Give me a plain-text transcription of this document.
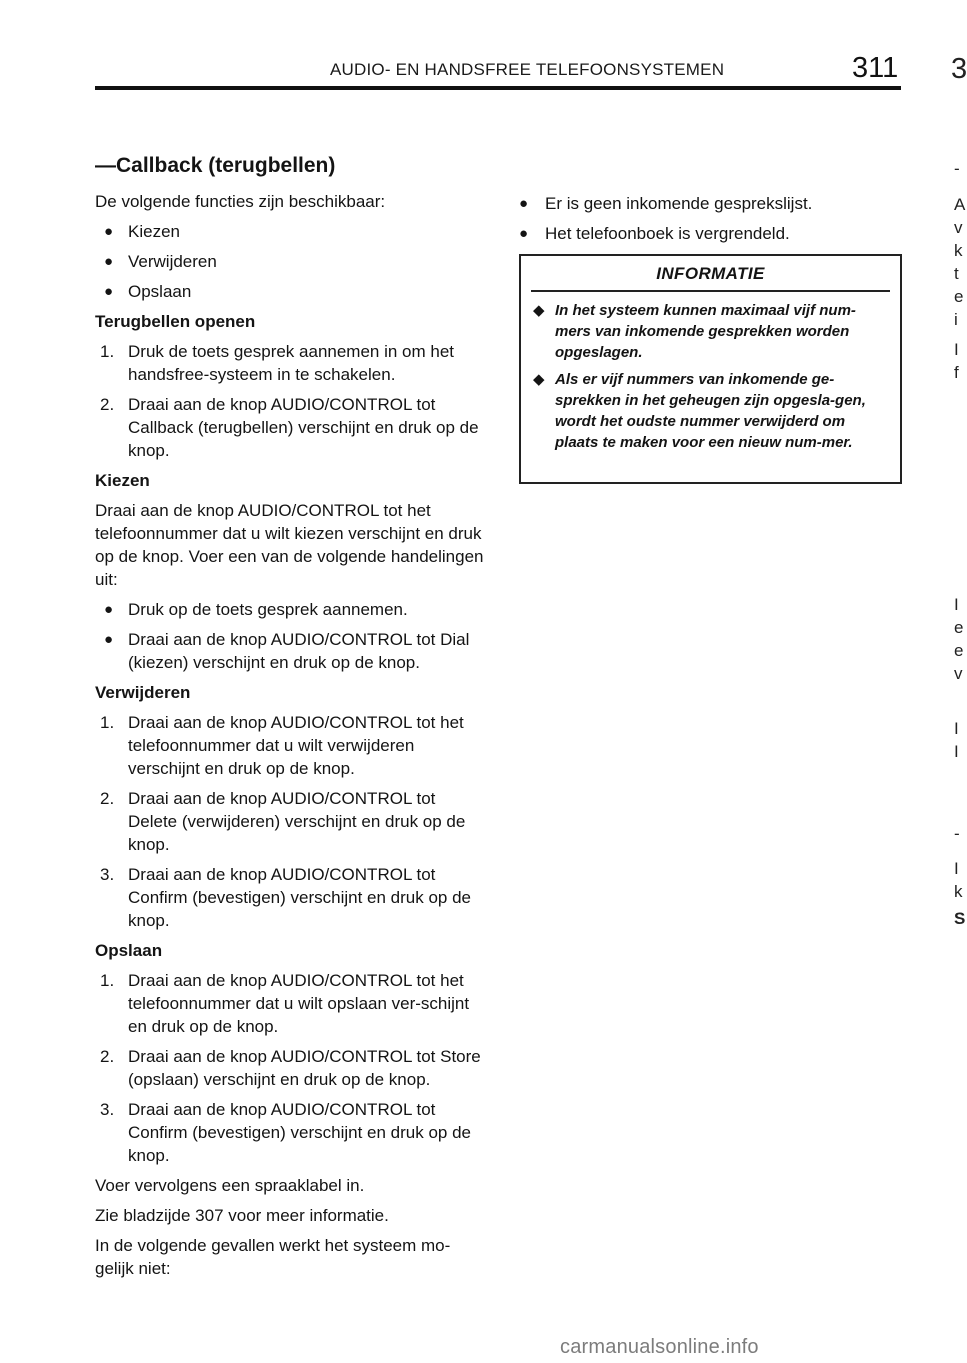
AUDIO- EN HANDSFREE TELEFOONSYSTEMEN	311 3
-
A
v
k
t
e
i
I
f
I
e
e
v
I
I
-
I
k
S
—Callback (terugbellen)

De volgende functies zijn beschikbaar:

● Kiezen
● Verwijderen
● Opslaan
Terugbellen openen
1. Druk de toets gesprek aannemen in om het handsfree-systeem in te schakelen.
2. Draai aan de knop AUDIO/CONTROL tot Callback (terugbellen) verschijnt en druk op de knop.
Kiezen

Draai aan de knop AUDIO/CONTROL tot het telefoonnummer dat u wilt kiezen verschijnt en druk op de knop. Voer een van de volgende handelingen uit:

● Druk op de toets gesprek aannemen.
● Draai aan de knop AUDIO/CONTROL tot Dial (kiezen) verschijnt en druk op de knop.
Verwijderen
1. Draai aan de knop AUDIO/CONTROL tot het telefoonnummer dat u wilt verwijderen verschijnt en druk op de knop.
2. Draai aan de knop AUDIO/CONTROL tot Delete (verwijderen) verschijnt en druk op de knop.
3. Draai aan de knop AUDIO/CONTROL tot Confirm (bevestigen) verschijnt en druk op de knop.
Opslaan
1. Draai aan de knop AUDIO/CONTROL tot het telefoonnummer dat u wilt opslaan ver-schijnt en druk op de knop.
2. Draai aan de knop AUDIO/CONTROL tot Store (opslaan) verschijnt en druk op de knop.
3. Draai aan de knop AUDIO/CONTROL tot Confirm (bevestigen) verschijnt en druk op de knop.

Voer vervolgens een spraaklabel in.

Zie bladzijde 307 voor meer informatie.

In de volgende gevallen werkt het systeem mo-gelijk niet:

● Er is geen inkomende gesprekslijst.
● Het telefoonboek is vergrendeld.
INFORMATIE
◆ In het systeem kunnen maximaal vijf num-mers van inkomende gesprekken worden opgeslagen.
◆ Als er vijf nummers van inkomende ge-sprekken in het geheugen zijn opgesla-gen, wordt het oudste nummer verwijderd om plaats te maken voor een nieuw num-mer.
carmanualsonline.info
